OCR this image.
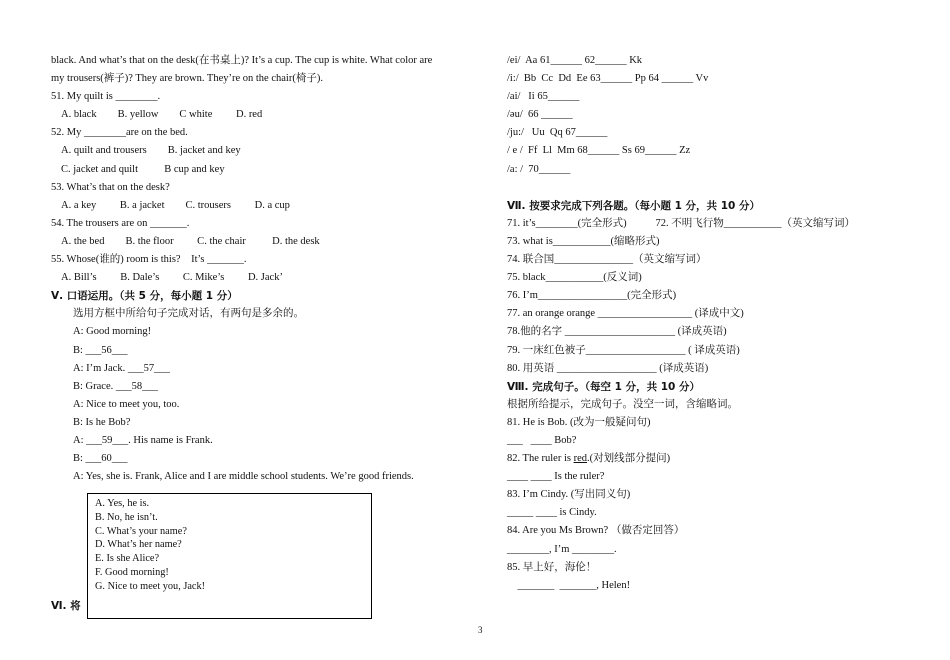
black. And what’s that on the desk(在书桌上)? It’s a cup. The cup is white. What color are
my trousers(裤子)? They are brown. They’re on the chair(椅子).
51. My quilt is ________.
A. black        B. yellow        C white         D. red
52. My ________are on the bed.
A. quilt and trousers        B. jacket and key
C. jacket and quilt          B cup and key
53. What’s that on the desk?
A. a key         B. a jacket        C. trousers         D. a cup
54. The trousers are on _______.
A. the bed        B. the floor         C. the chair          D. the desk
55. Whose(谁的) room is this?    It’s _______.
A. Bill’s         B. Dale’s         C. Mike’s         D. Jack’
Ⅴ. 口语运用。（共 5 分，每小题 1 分）
选用方框中所给句子完成对话，有两句是多余的。
A: Good morning!
B: ___56___
A: I’m Jack. ___57___
B: Grace. ___58___
A: Nice to meet you, too.
B: Is he Bob?
A: ___59___. His name is Frank.
B: ___60___
A: Yes, she is. Frank, Alice and I are middle school students. We’re good friends.
A. Yes, he is.
B. No, he isn’t.
C. What’s your name?
D. What’s her name?
E. Is she Alice?
F. Good morning!
G. Nice to meet you, Jack!
Ⅵ. 将
/ei/  Aa 61______ 62______ Kk
/i:/  Bb  Cc  Dd  Ee 63______ Pp 64 ______ Vv
/ai/   Ii 65______
/əu/  66 ______
/ju:/   Uu  Qq 67______
/ e /  Ff  Ll  Mm 68______ Ss 69______ Zz
/a: /  70______
Ⅶ. 按要求完成下列各题。（每小题 1 分，共 10 分）
71. it’s________(完全形式)           72. 不明飞行物___________（英文缩写词）
73. what is___________(缩略形式)
74. 联合国_______________（英文缩写词）
75. black___________(反义词)
76. I’m_________________(完全形式)
77. an orange orange __________________ (译成中文)
78.他的名字 _____________________ (译成英语)
79. 一床红色被子___________________ ( 译成英语)
80. 用英语 ___________________ (译成英语)
Ⅷ. 完成句子。（每空 1 分，共 10 分）
根据所给提示，完成句子。没空一词，含缩略词。
81. He is Bob. (改为一般疑问句)
___   ____ Bob?
82. The ruler is red.(对划线部分提问)
____ ____ Is the ruler?
83. I’m Cindy. (写出同义句)
_____ ____ is Cindy.
84. Are you Ms Brown? （做否定回答）
________, I’m ________.
85. 早上好，海伦！
_______  _______, Helen!
3
